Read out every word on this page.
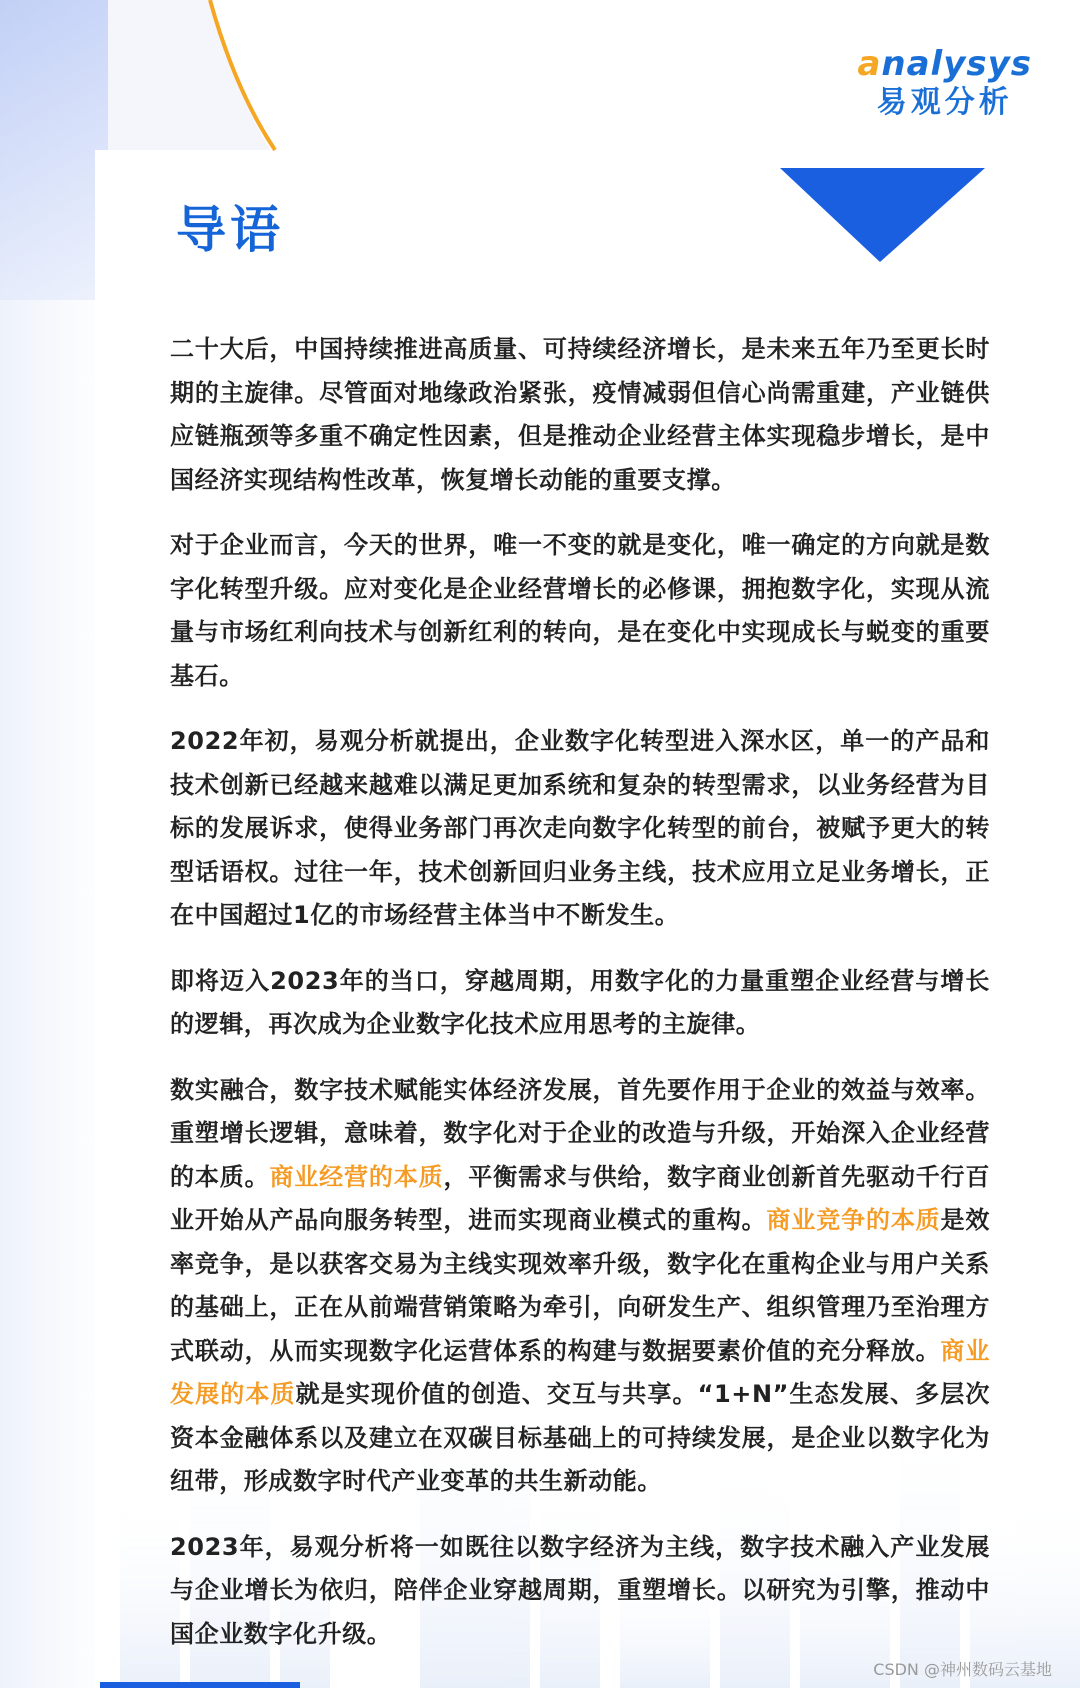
analysys
易观分析
导语

二十大后，中国持续推进高质量、可持续经济增长，是未来五年乃至更长时期的主旋律。尽管面对地缘政治紧张，疫情减弱但信心尚需重建，产业链供应链瓶颈等多重不确定性因素，但是推动企业经营主体实现稳步增长，是中国经济实现结构性改革，恢复增长动能的重要支撑。

对于企业而言，今天的世界，唯一不变的就是变化，唯一确定的方向就是数字化转型升级。应对变化是企业经营增长的必修课，拥抱数字化，实现从流量与市场红利向技术与创新红利的转向，是在变化中实现成长与蜕变的重要基石。

2022年初，易观分析就提出，企业数字化转型进入深水区，单一的产品和技术创新已经越来越难以满足更加系统和复杂的转型需求，以业务经营为目标的发展诉求，使得业务部门再次走向数字化转型的前台，被赋予更大的转型话语权。过往一年，技术创新回归业务主线，技术应用立足业务增长，正在中国超过1亿的市场经营主体当中不断发生。

即将迈入2023年的当口，穿越周期，用数字化的力量重塑企业经营与增长的逻辑，再次成为企业数字化技术应用思考的主旋律。

数实融合，数字技术赋能实体经济发展，首先要作用于企业的效益与效率。重塑增长逻辑，意味着，数字化对于企业的改造与升级，开始深入企业经营的本质。商业经营的本质，平衡需求与供给，数字商业创新首先驱动千行百业开始从产品向服务转型，进而实现商业模式的重构。商业竞争的本质是效率竞争，是以获客交易为主线实现效率升级，数字化在重构企业与用户关系的基础上，正在从前端营销策略为牵引，向研发生产、组织管理乃至治理方式联动，从而实现数字化运营体系的构建与数据要素价值的充分释放。商业发展的本质就是实现价值的创造、交互与共享。“1+N”生态发展、多层次资本金融体系以及建立在双碳目标基础上的可持续发展，是企业以数字化为纽带，形成数字时代产业变革的共生新动能。

2023年，易观分析将一如既往以数字经济为主线，数字技术融入产业发展与企业增长为依归，陪伴企业穿越周期，重塑增长。以研究为引擎，推动中国企业数字化升级。

CSDN @神州数码云基地
